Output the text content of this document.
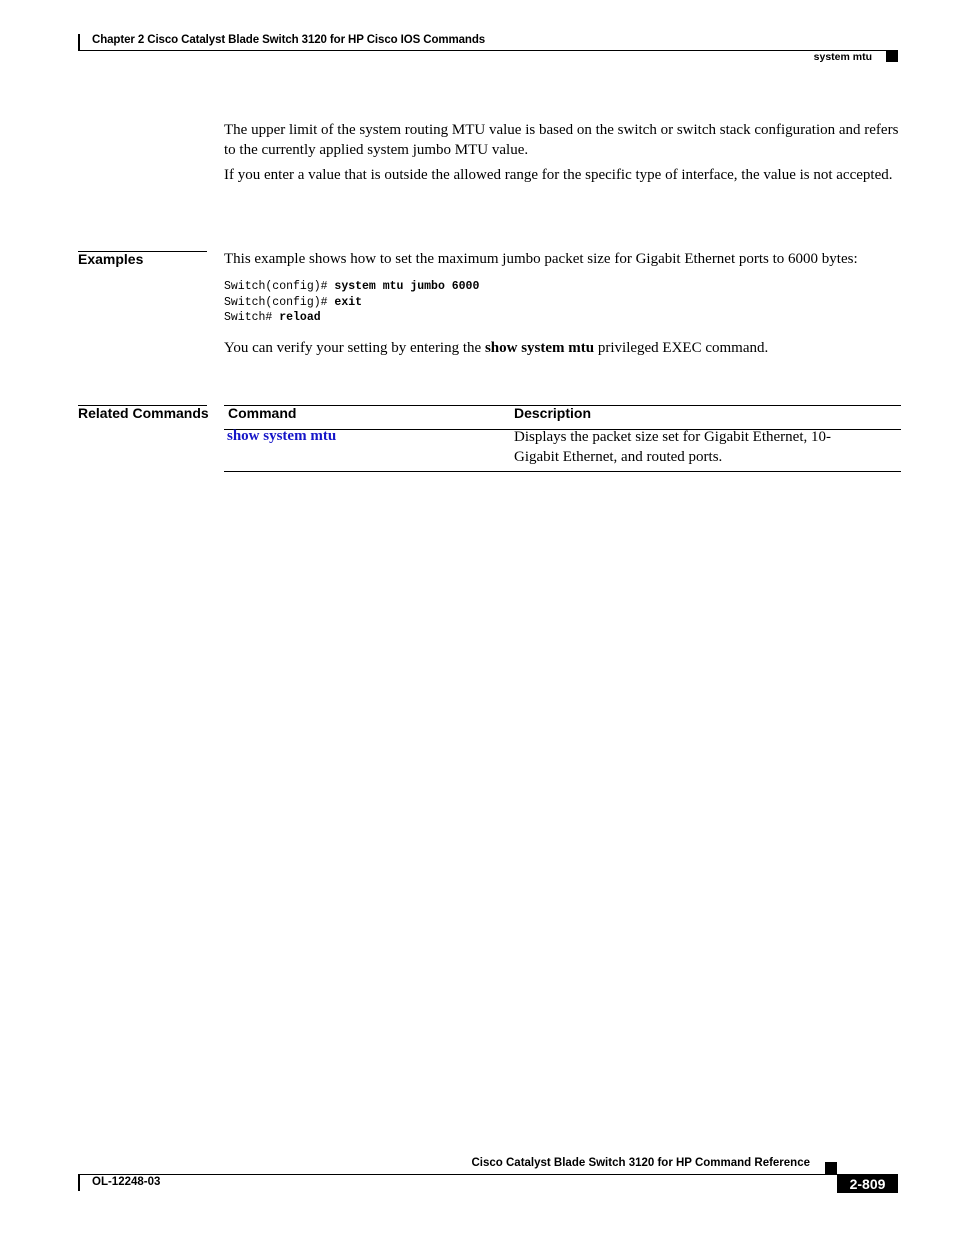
Chapter 2 Cisco Catalyst Blade Switch 3120 for HP Cisco IOS Commands
system mtu
The upper limit of the system routing MTU value is based on the switch or switch stack configuration and refers to the currently applied system jumbo MTU value.
If you enter a value that is outside the allowed range for the specific type of interface, the value is not accepted.
Examples	This example shows how to set the maximum jumbo packet size for Gigabit Ethernet ports to 6000 bytes:
Switch(config)# system mtu jumbo 6000
Switch(config)# exit
Switch# reload
You can verify your setting by entering the show system mtu privileged EXEC command.
Related Commands Command	Description
show system mtu	Displays the packet size set for Gigabit Ethernet, 10-Gigabit Ethernet, and routed ports.
Cisco Catalyst Blade Switch 3120 for HP Command Reference
OL-12248-03	2-809
